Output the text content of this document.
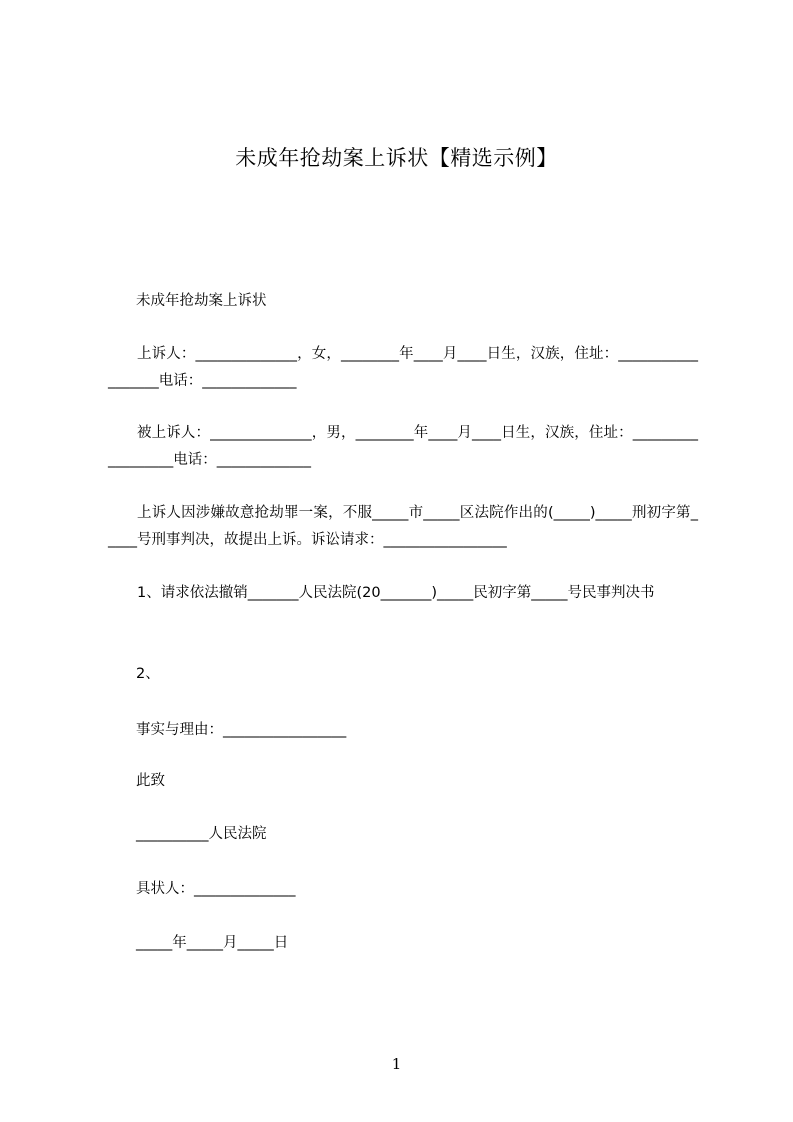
未成年抢劫案上诉状【精选示例】
未成年抢劫案上诉状
上诉人：______________，女，________年____月____日生，汉族，住址：__________________电话：_____________
被上诉人：______________，男，________年____月____日生，汉族，住址：__________________电话：_____________
上诉人因涉嫌故意抢劫罪一案，不服_____市_____区法院作出的(_____)_____刑初字第_____号刑事判决，故提出上诉。诉讼请求：_________________
1、请求依法撤销_______人民法院(20_______)_____民初字第_____号民事判决书
2、
事实与理由：_________________
此致
__________人民法院
具状人：______________
_____年_____月_____日
1
